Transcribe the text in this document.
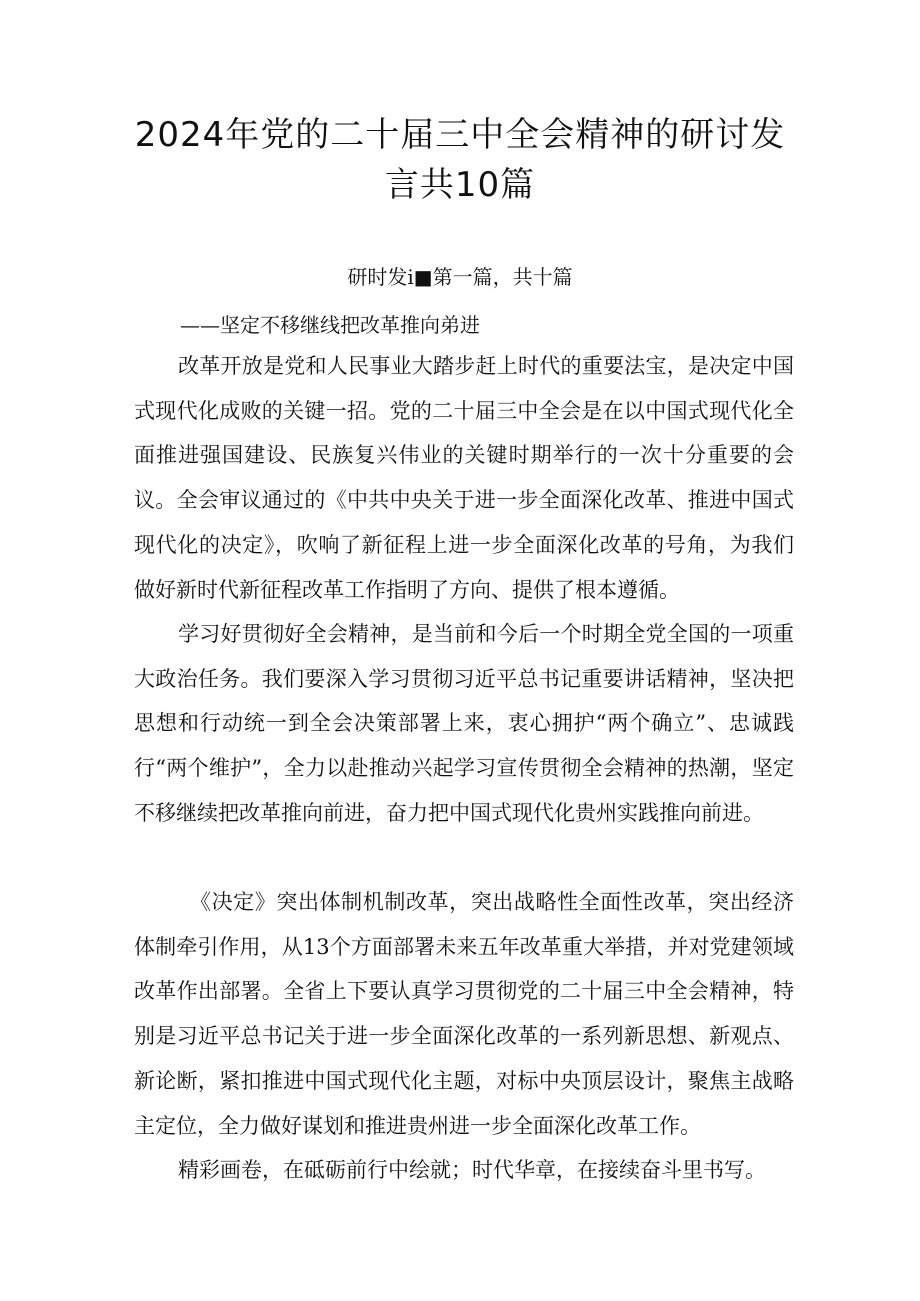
2024年党的二十届三中全会精神的研讨发
言共10篇

研时发i■第一篇，共十篇

——坚定不移继线把改革推向弟进

改革开放是党和人民事业大踏步赶上时代的重要法宝，是决定中国式现代化成败的关键一招。党的二十届三中全会是在以中国式现代化全面推进强国建设、民族复兴伟业的关键时期举行的一次十分重要的会议。全会审议通过的《中共中央关于进一步全面深化改革、推进中国式现代化的决定》，吹响了新征程上进一步全面深化改革的号角，为我们做好新时代新征程改革工作指明了方向、提供了根本遵循。

学习好贯彻好全会精神，是当前和今后一个时期全党全国的一项重大政治任务。我们要深入学习贯彻习近平总书记重要讲话精神，坚决把思想和行动统一到全会决策部署上来，衷心拥护“两个确立”、忠诚践行“两个维护”，全力以赴推动兴起学习宣传贯彻全会精神的热潮，坚定不移继续把改革推向前进，奋力把中国式现代化贵州实践推向前进。

《决定》突出体制机制改革，突出战略性全面性改革，突出经济体制牵引作用，从13个方面部署未来五年改革重大举措，并对党建领域改革作出部署。全省上下要认真学习贯彻党的二十届三中全会精神，特别是习近平总书记关于进一步全面深化改革的一系列新思想、新观点、新论断，紧扣推进中国式现代化主题，对标中央顶层设计，聚焦主战略主定位，全力做好谋划和推进贵州进一步全面深化改革工作。

精彩画卷，在砥砺前行中绘就；时代华章，在接续奋斗里书写。
